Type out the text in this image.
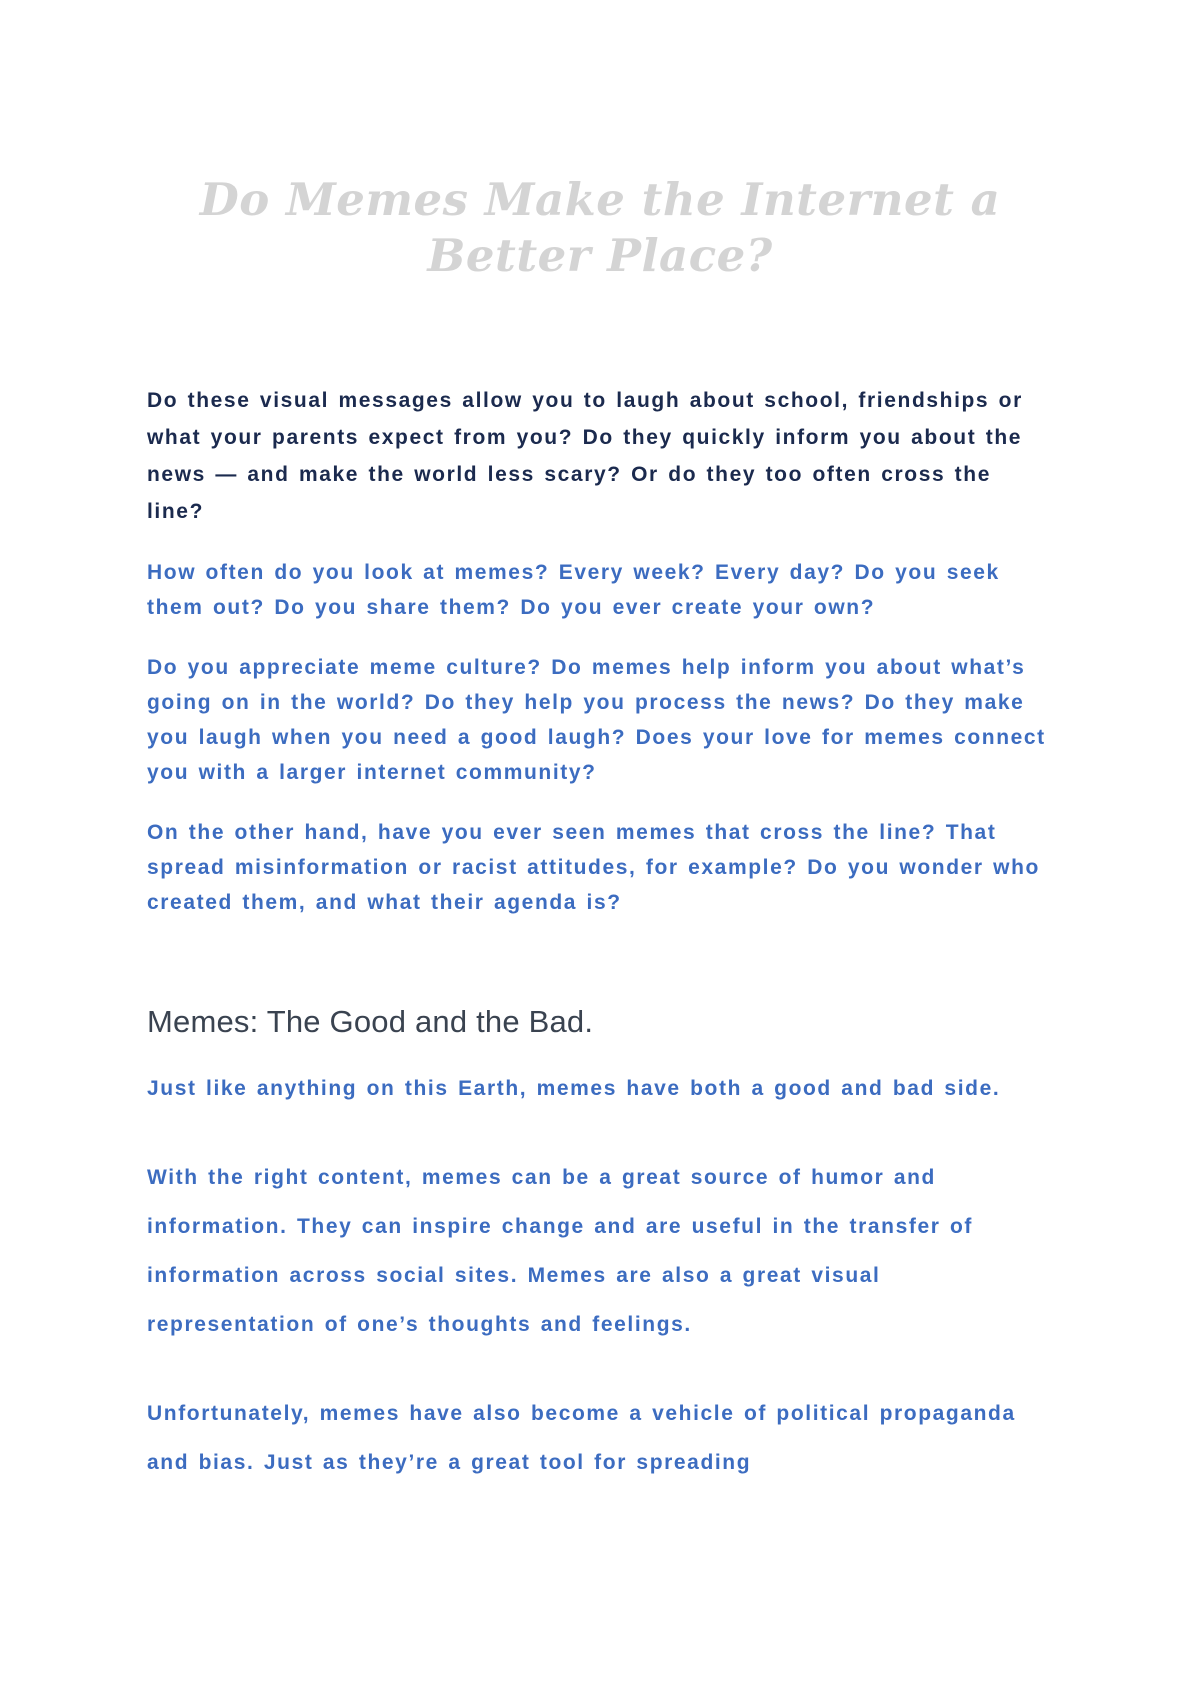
Do Memes Make the Internet a Better Place?

Do these visual messages allow you to laugh about school, friendships or what your parents expect from you? Do they quickly inform you about the news — and make the world less scary? Or do they too often cross the line?

How often do you look at memes? Every week? Every day? Do you seek them out? Do you share them? Do you ever create your own?

Do you appreciate meme culture? Do memes help inform you about what’s going on in the world? Do they help you process the news? Do they make you laugh when you need a good laugh? Does your love for memes connect you with a larger internet community?

On the other hand, have you ever seen memes that cross the line? That spread misinformation or racist attitudes, for example? Do you wonder who created them, and what their agenda is?

Memes: The Good and the Bad.

Just like anything on this Earth, memes have both a good and bad side.

With the right content, memes can be a great source of humor and information. They can inspire change and are useful in the transfer of information across social sites. Memes are also a great visual representation of one’s thoughts and feelings.

Unfortunately, memes have also become a vehicle of political propaganda and bias. Just as they’re a great tool for spreading
